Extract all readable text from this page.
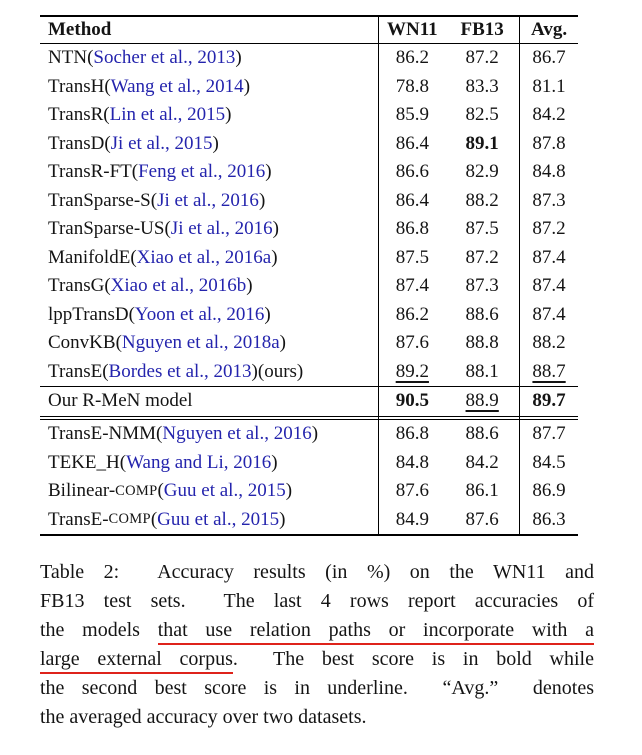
Method	WN11	FB13	Avg.
NTN ( Socher et al., 2013 )	86.2 87.2 86.7
TransH ( Wang et al., 2014 )	78.8 83.3 81.1
TransR ( Lin et al., 2015 )	85.9 82.5 84.2
TransD ( Ji et al., 2015 )	86.4 89.1 87.8
TransR-FT ( Feng et al., 2016 )	86.6 82.9 84.8
TranSparse-S ( Ji et al., 2016 )	86.4 88.2 87.3
TranSparse-US ( Ji et al., 2016 )	86.8 87.5 87.2
ManifoldE ( Xiao et al., 2016a )	87.5 87.2 87.4
TransG ( Xiao et al., 2016b )	87.4 87.3 87.4
lppTransD ( Yoon et al., 2016 )	86.2 88.6 87.4
ConvKB ( Nguyen et al., 2018a )	87.6 88.8 88.2
TransE ( Bordes et al., 2013 ) (ours)	89.2 88.1 88.7
Our R-MeN model	90.5 88.9 89.7
TransE-NMM ( Nguyen et al., 2016 )	86.8 88.6 87.7
TEKE_H ( Wang and Li, 2016 )	84.8 84.2 84.5
Bilinear- COMP ( Guu et al., 2015 )	87.6 86.1 86.9
TransE- COMP ( Guu et al., 2015 )	84.9 87.6 86.3
Table 2:  Accuracy results (in %) on the WN11 and
FB13 test sets.  The last 4 rows report accuracies of
the models that use relation paths or incorporate with a
large external corpus.  The best score is in bold while
the second best score is in underline.  “Avg.”  denotes
the averaged accuracy over two datasets.
